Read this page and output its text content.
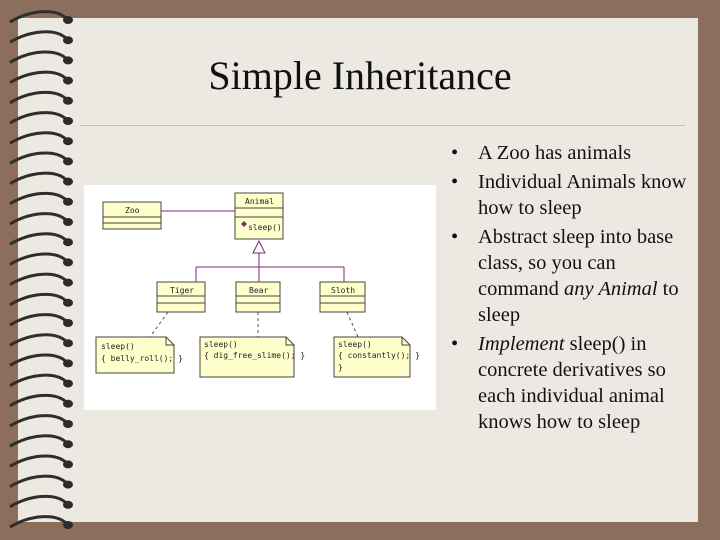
Simple Inheritance
Zoo
Animal
sleep()
Tiger	Bear	Sloth
sleep()
{ belly_roll(); }
sleep()
{ dig_free_slime(); }
sleep()
{ constantly(); }
}
• A Zoo has animals
• Individual Animals know how to sleep
• Abstract sleep into base class, so you can command any Animal to sleep
• Implement sleep() in concrete derivatives so each individual animal knows how to sleep
